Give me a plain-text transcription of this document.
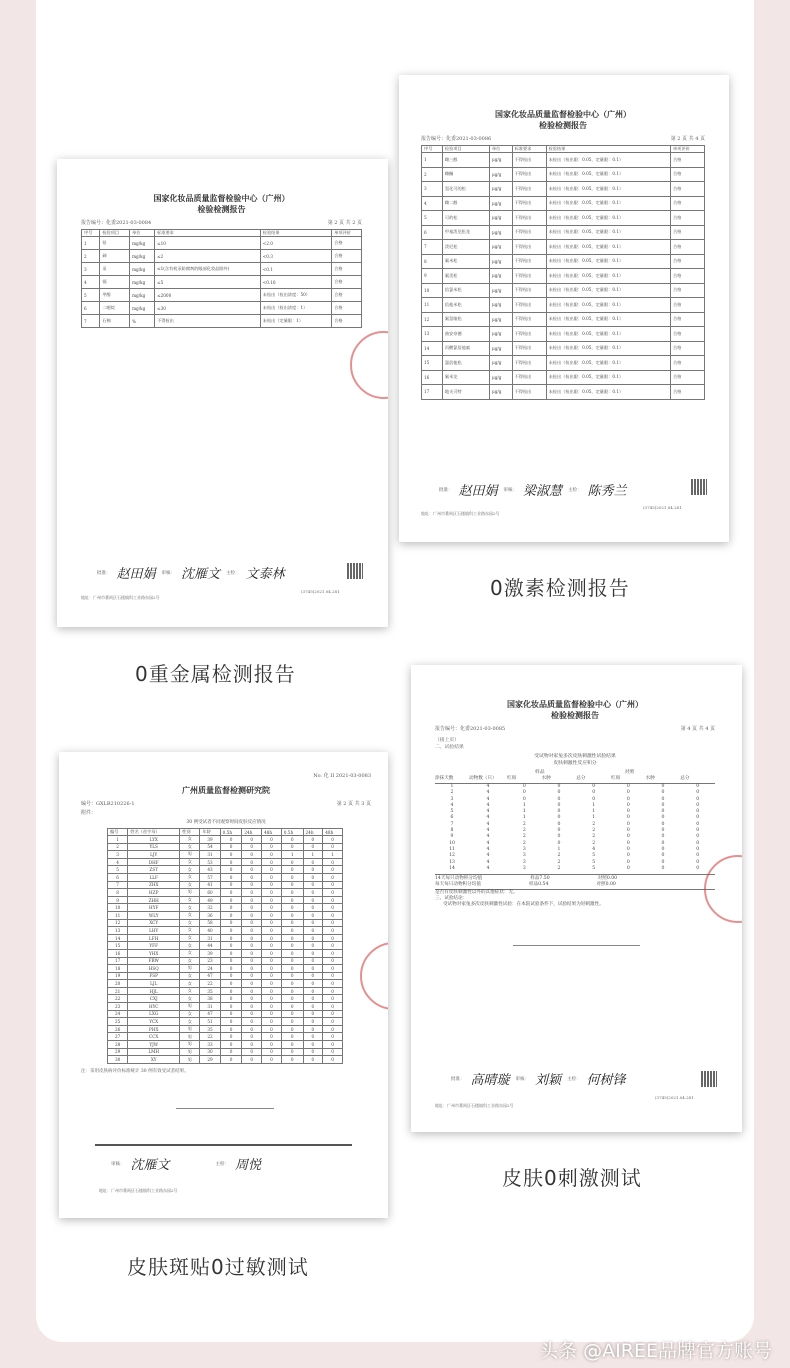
国家化妆品质量监督检验中心（广州）
检验检测报告
报告编号：化委2021-03-0084	第 2 页 共 2 页
序号	检验项目	单位	标准要求	检验结果	单项评价
1	铅	mg/kg	≤10	<2.0	合格
2	砷	mg/kg	≤2	<0.3	合格
3	汞	mg/kg	≤1(含有机汞防腐剂的眼部化妆品除外)	<0.1	合格
4	镉	mg/kg	≤5	<0.10	合格
5	甲醇	mg/kg	≤2000	未检出（检出浓度：50）	合格
6	二噁烷	mg/kg	≤30	未检出（检出浓度：1）	合格
7	石棉	%	不得检出	未检出（定量限：1）	合格
批准： 赵田娟 审核： 沈雁文 主检： 文泰林
地址：广州市番禺区石楼镇科工业路东园2号
(3745)2021.04.281
国家化妆品质量监督检验中心（广州）
检验检测报告
报告编号：化委2021-03-0086	第 2 页 共 4 页
序号	检验项目	单位	标准要求	检验结果	单项评价
1	雌三醇	μg/g	不得检出	未检出（检出限：0.05，定量限：0.1）	合格
2	雌酮	μg/g	不得检出	未检出（检出限：0.05，定量限：0.1）	合格
3	氢化可的松	μg/g	不得检出	未检出（检出限：0.05，定量限：0.1）	合格
4	雌二醇	μg/g	不得检出	未检出（检出限：0.05，定量限：0.1）	合格
5	可的松	μg/g	不得检出	未检出（检出限：0.05，定量限：0.1）	合格
6	甲基泼尼松龙	μg/g	不得检出	未检出（检出限：0.05，定量限：0.1）	合格
7	泼尼松	μg/g	不得检出	未检出（检出限：0.05，定量限：0.1）	合格
8	氟米松	μg/g	不得检出	未检出（检出限：0.05，定量限：0.1）	合格
9	氟美松	μg/g	不得检出	未检出（检出限：0.05，定量限：0.1）	合格
10	倍氯米松	μg/g	不得检出	未检出（检出限：0.05，定量限：0.1）	合格
11	倍他米松	μg/g	不得检出	未检出（检出限：0.05，定量限：0.1）	合格
12	氟氢缩松	μg/g	不得检出	未检出（检出限：0.05，定量限：0.1）	合格
13	曲安奈德	μg/g	不得检出	未检出（检出限：0.05，定量限：0.1）	合格
14	丙酸氯倍他索	μg/g	不得检出	未检出（检出限：0.05，定量限：0.1）	合格
15	氯倍他松	μg/g	不得检出	未检出（检出限：0.05，定量限：0.1）	合格
16	氟米龙	μg/g	不得检出	未检出（检出限：0.05，定量限：0.1）	合格
17	地夫可特	μg/g	不得检出	未检出（检出限：0.05，定量限：0.1）	合格
批准： 赵田娟 审核： 梁淑慧 主检： 陈秀兰
地址：广州市番禺区石楼镇科工业路东园2号
(3745)2021.04.281
No. 化 II 2021-03-0083
广州质量监督检测研究院
编号：GXLB210226-1	第 2 页 共 3 页
附件：
30 例受试者不同观察时间皮肤反应情况
编号	姓名（首字母）	性别	年龄	0.5h	24h	48h	0.5h	24h	48h
1	LYX	女	39	0	0	0	0	0	0
2	YLS	女	54	0	0	0	0	0	0
3	LJY	男	31	0	0	0	1	1	1
4	DHF	女	53	0	0	0	0	0	0
5	ZST	女	43	0	0	0	0	0	0
6	LLF	女	57	0	0	0	0	0	0
7	ZHX	女	41	0	0	0	0	0	0
8	HZP	男	60	0	0	0	0	0	0
9	ZHH	女	49	0	0	0	0	0	0
10	HYF	女	32	0	0	0	0	0	0
11	WLY	女	36	0	0	0	0	0	0
12	XCY	女	58	0	0	0	0	0	0
13	LHY	女	40	0	0	0	0	0	0
14	LFH	女	31	0	0	0	0	0	0
15	YFF	女	44	0	0	0	0	0	0
16	YHX	女	39	0	0	0	0	0	0
17	FBW	女	23	0	0	0	0	0	0
18	HSQ	男	24	0	0	0	0	0	0
19	FSP	女	47	0	0	0	0	0	0
20	LJL	女	22	0	0	0	0	0	0
21	HJL	女	35	0	0	0	0	0	0
22	CXJ	女	38	0	0	0	0	0	0
23	HYC	男	31	0	0	0	0	0	0
24	LXG	女	47	0	0	0	0	0	0
25	YCX	女	51	0	0	0	0	0	0
26	PHX	男	35	0	0	0	0	0	0
27	CCX	男	22	0	0	0	0	0	0
28	YJW	男	33	0	0	0	0	0	0
29	LMH	男	30	0	0	0	0	0	0
30	XY	男	29	0	0	0	0	0	0
注：采用皮肤病评价标准统计 30 例有效受试者结果。
审核： 沈雁文	主检： 周悦
地址：广州市番禺区石楼镇科工业路东园2号
国家化妆品质量监督检验中心（广州）
检验检测报告
报告编号：化委2021-03-0085	第 4 页 共 4 页
（接上页）
二、试验结果
受试物对家兔多次皮肤刺激性试验结果
皮肤刺激性反应积分
样品	对照
涂抹天数	动物数（只）	红斑	水肿	总分	红斑	水肿	总分
1	4	0	0	0	0	0	0
2	4	0	0	0	0	0	0
3	4	0	0	0	0	0	0
4	4	1	0	1	0	0	0
5	4	1	0	1	0	0	0
6	4	1	0	1	0	0	0
7	4	2	0	2	0	0	0
8	4	2	0	2	0	0	0
9	4	2	0	2	0	0	0
10	4	2	0	2	0	0	0
11	4	3	1	4	0	0	0
12	4	3	2	5	0	0	0
13	4	3	2	5	0	0	0
14	4	3	2	5	0	0	0
14天每只动物积分均值	样品7.50	对照0.00
每天每只动物积分均值	样品0.54	对照0.00
是否有皮肤刺激性以外的其他症状：无。
三、试验结论：
受试物对家兔多次皮肤刺激性试验：在本院试验条件下，试验结果为轻刺激性。
批准： 高晴璇 审核： 刘颖 主检： 何树锋
地址：广州市番禺区石楼镇科工业路东园2号
(3745)2021.04.281
0重金属检测报告
0激素检测报告
皮肤斑贴0过敏测试
皮肤0刺激测试
头条 @AIREE品牌官方账号
